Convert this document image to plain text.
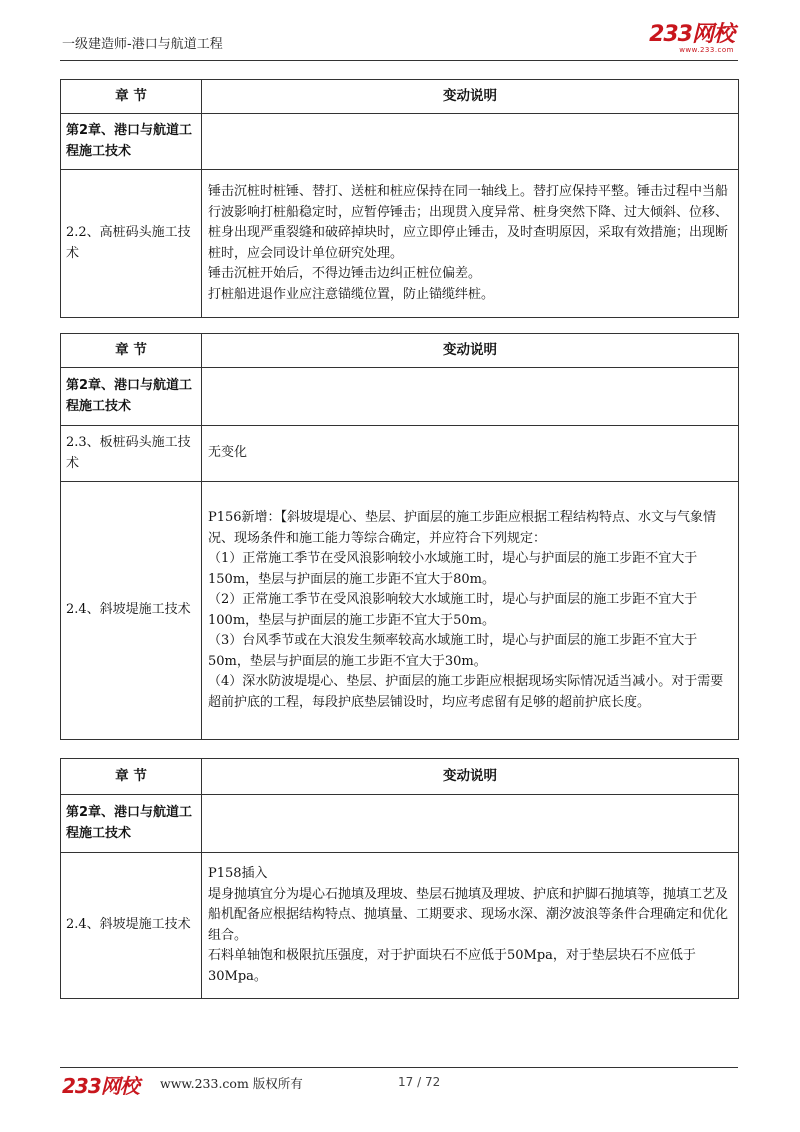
一级建造师-港口与航道工程	233网校
www.233.com
章 节	变动说明
第2章、港口与航道工程施工技术	
2.2、高桩码头施工技术	锤击沉桩时桩锤、替打、送桩和桩应保持在同一轴线上。替打应保持平整。锤击过程中当船行波影响打桩船稳定时，应暂停锤击；出现贯入度异常、桩身突然下降、过大倾斜、位移、桩身出现严重裂缝和破碎掉块时，应立即停止锤击，及时查明原因，采取有效措施；出现断桩时，应会同设计单位研究处理。

锤击沉桩开始后，不得边锤击边纠正桩位偏差。

打桩船进退作业应注意锚缆位置，防止锚缆绊桩。

章 节	变动说明
第2章、港口与航道工程施工技术	
2.3、板桩码头施工技术	无变化

2.4、斜坡堤施工技术	P156新增：【斜坡堤堤心、垫层、护面层的施工步距应根据工程结构特点、水文与气象情况、现场条件和施工能力等综合确定，并应符合下列规定：

（1）正常施工季节在受风浪影响较小水域施工时，堤心与护面层的施工步距不宜大于150m，垫层与护面层的施工步距不宜大于80m。

（2）正常施工季节在受风浪影响较大水域施工时，堤心与护面层的施工步距不宜大于100m，垫层与护面层的施工步距不宜大于50m。

（3）台风季节或在大浪发生频率较高水域施工时，堤心与护面层的施工步距不宜大于50m，垫层与护面层的施工步距不宜大于30m。

（4）深水防波堤堤心、垫层、护面层的施工步距应根据现场实际情况适当减小。对于需要超前护底的工程，每段护底垫层铺设时，均应考虑留有足够的超前护底长度。

章 节	变动说明
第2章、港口与航道工程施工技术	
2.4、斜坡堤施工技术	P158插入

堤身抛填宜分为堤心石抛填及理坡、垫层石抛填及理坡、护底和护脚石抛填等，抛填工艺及船机配备应根据结构特点、抛填量、工期要求、现场水深、潮汐波浪等条件合理确定和优化组合。

石料单轴饱和极限抗压强度，对于护面块石不应低于50Mpa，对于垫层块石不应低于30Mpa。

233网校 www.233.com 版权所有	17 / 72
